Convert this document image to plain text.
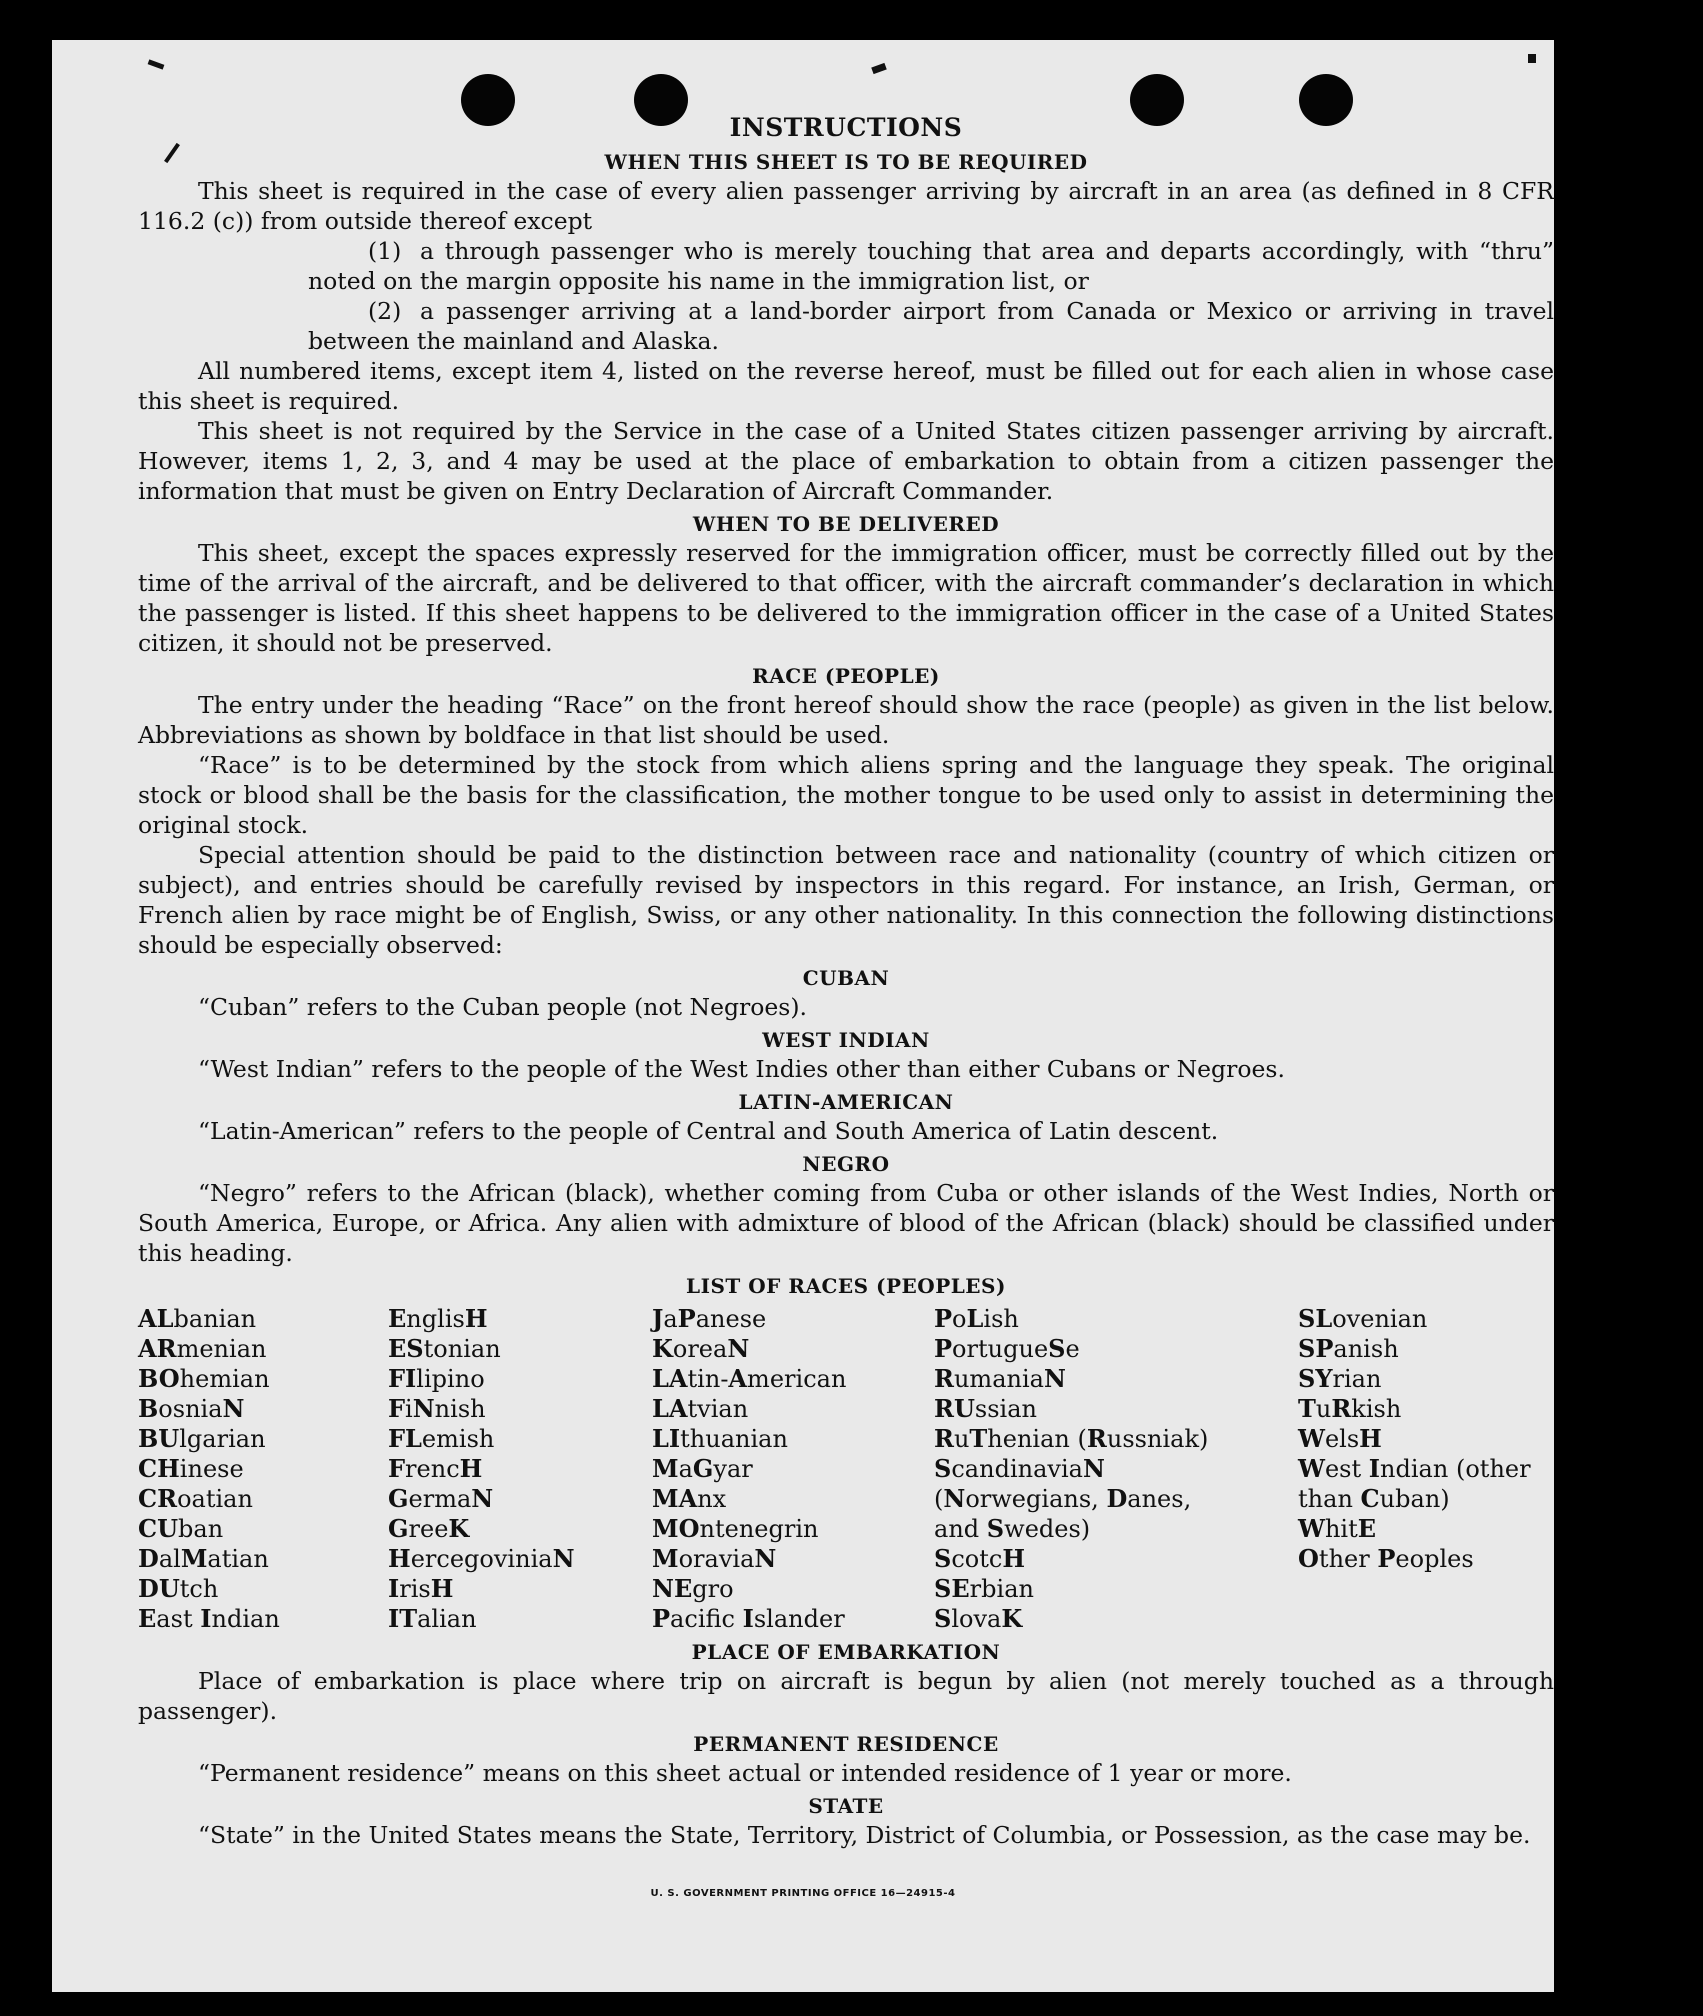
INSTRUCTIONS
WHEN THIS SHEET IS TO BE REQUIRED

This sheet is required in the case of every alien passenger arriving by aircraft in an area (as defined in 8 CFR 116.2 (c)) from outside thereof except

(1) a through passenger who is merely touching that area and departs accordingly, with “thru” noted on the margin opposite his name in the immigration list, or

(2) a passenger arriving at a land-border airport from Canada or Mexico or arriving in travel between the mainland and Alaska.

All numbered items, except item 4, listed on the reverse hereof, must be filled out for each alien in whose case this sheet is required.

This sheet is not required by the Service in the case of a United States citizen passenger arriving by aircraft. However, items 1, 2, 3, and 4 may be used at the place of embarkation to obtain from a citizen passenger the information that must be given on Entry Declaration of Aircraft Commander.

WHEN TO BE DELIVERED

This sheet, except the spaces expressly reserved for the immigration officer, must be correctly filled out by the time of the arrival of the aircraft, and be delivered to that officer, with the aircraft commander’s declaration in which the passenger is listed. If this sheet happens to be delivered to the immigration officer in the case of a United States citizen, it should not be preserved.

RACE (PEOPLE)

The entry under the heading “Race” on the front hereof should show the race (people) as given in the list below. Abbreviations as shown by boldface in that list should be used.

“Race” is to be determined by the stock from which aliens spring and the language they speak. The original stock or blood shall be the basis for the classification, the mother tongue to be used only to assist in determining the original stock.

Special attention should be paid to the distinction between race and nationality (country of which citizen or subject), and entries should be carefully revised by inspectors in this regard. For instance, an Irish, German, or French alien by race might be of English, Swiss, or any other nationality. In this connection the following distinctions should be especially observed:

CUBAN

“Cuban” refers to the Cuban people (not Negroes).

WEST INDIAN

“West Indian” refers to the people of the West Indies other than either Cubans or Negroes.

LATIN-AMERICAN

“Latin-American” refers to the people of Central and South America of Latin descent.

NEGRO

“Negro” refers to the African (black), whether coming from Cuba or other islands of the West Indies, North or South America, Europe, or Africa. Any alien with admixture of blood of the African (black) should be classified under this heading.

LIST OF RACES (PEOPLES)
ALbanian
ARmenian
BOhemian
BosniaN
BUlgarian
CHinese
CRoatian
CUban
DalMatian
DUtch
East Indian
EnglisH
EStonian
FIlipino
FiNnish
FLemish
FrencH
GermaN
GreeK
HercegoviniaN
IrisH
ITalian
JaPanese
KoreaN
LAtin-American
LAtvian
LIthuanian
MaGyar
MAnx
MOntenegrin
MoraviaN
NEgro
Pacifc Islander
PoLish
PortugueSe
RumaniaN
RUssian
RuThenian (Russniak)
ScandinaviaN (Norwegians, Danes, and Swedes)
ScotcH
SErbian
SlovaK
SLovenian
SPanish
SYrian
TuRkish
WelsH
West Indian (other than Cuban)
WhitE
Other Peoples
PLACE OF EMBARKATION

Place of embarkation is place where trip on aircraft is begun by alien (not merely touched as a through passenger).

PERMANENT RESIDENCE

“Permanent residence” means on this sheet actual or intended residence of 1 year or more.

STATE

“State” in the United States means the State, Territory, District of Columbia, or Possession, as the case may be.

U. S. GOVERNMENT PRINTING OFFICE 16—24915-4
